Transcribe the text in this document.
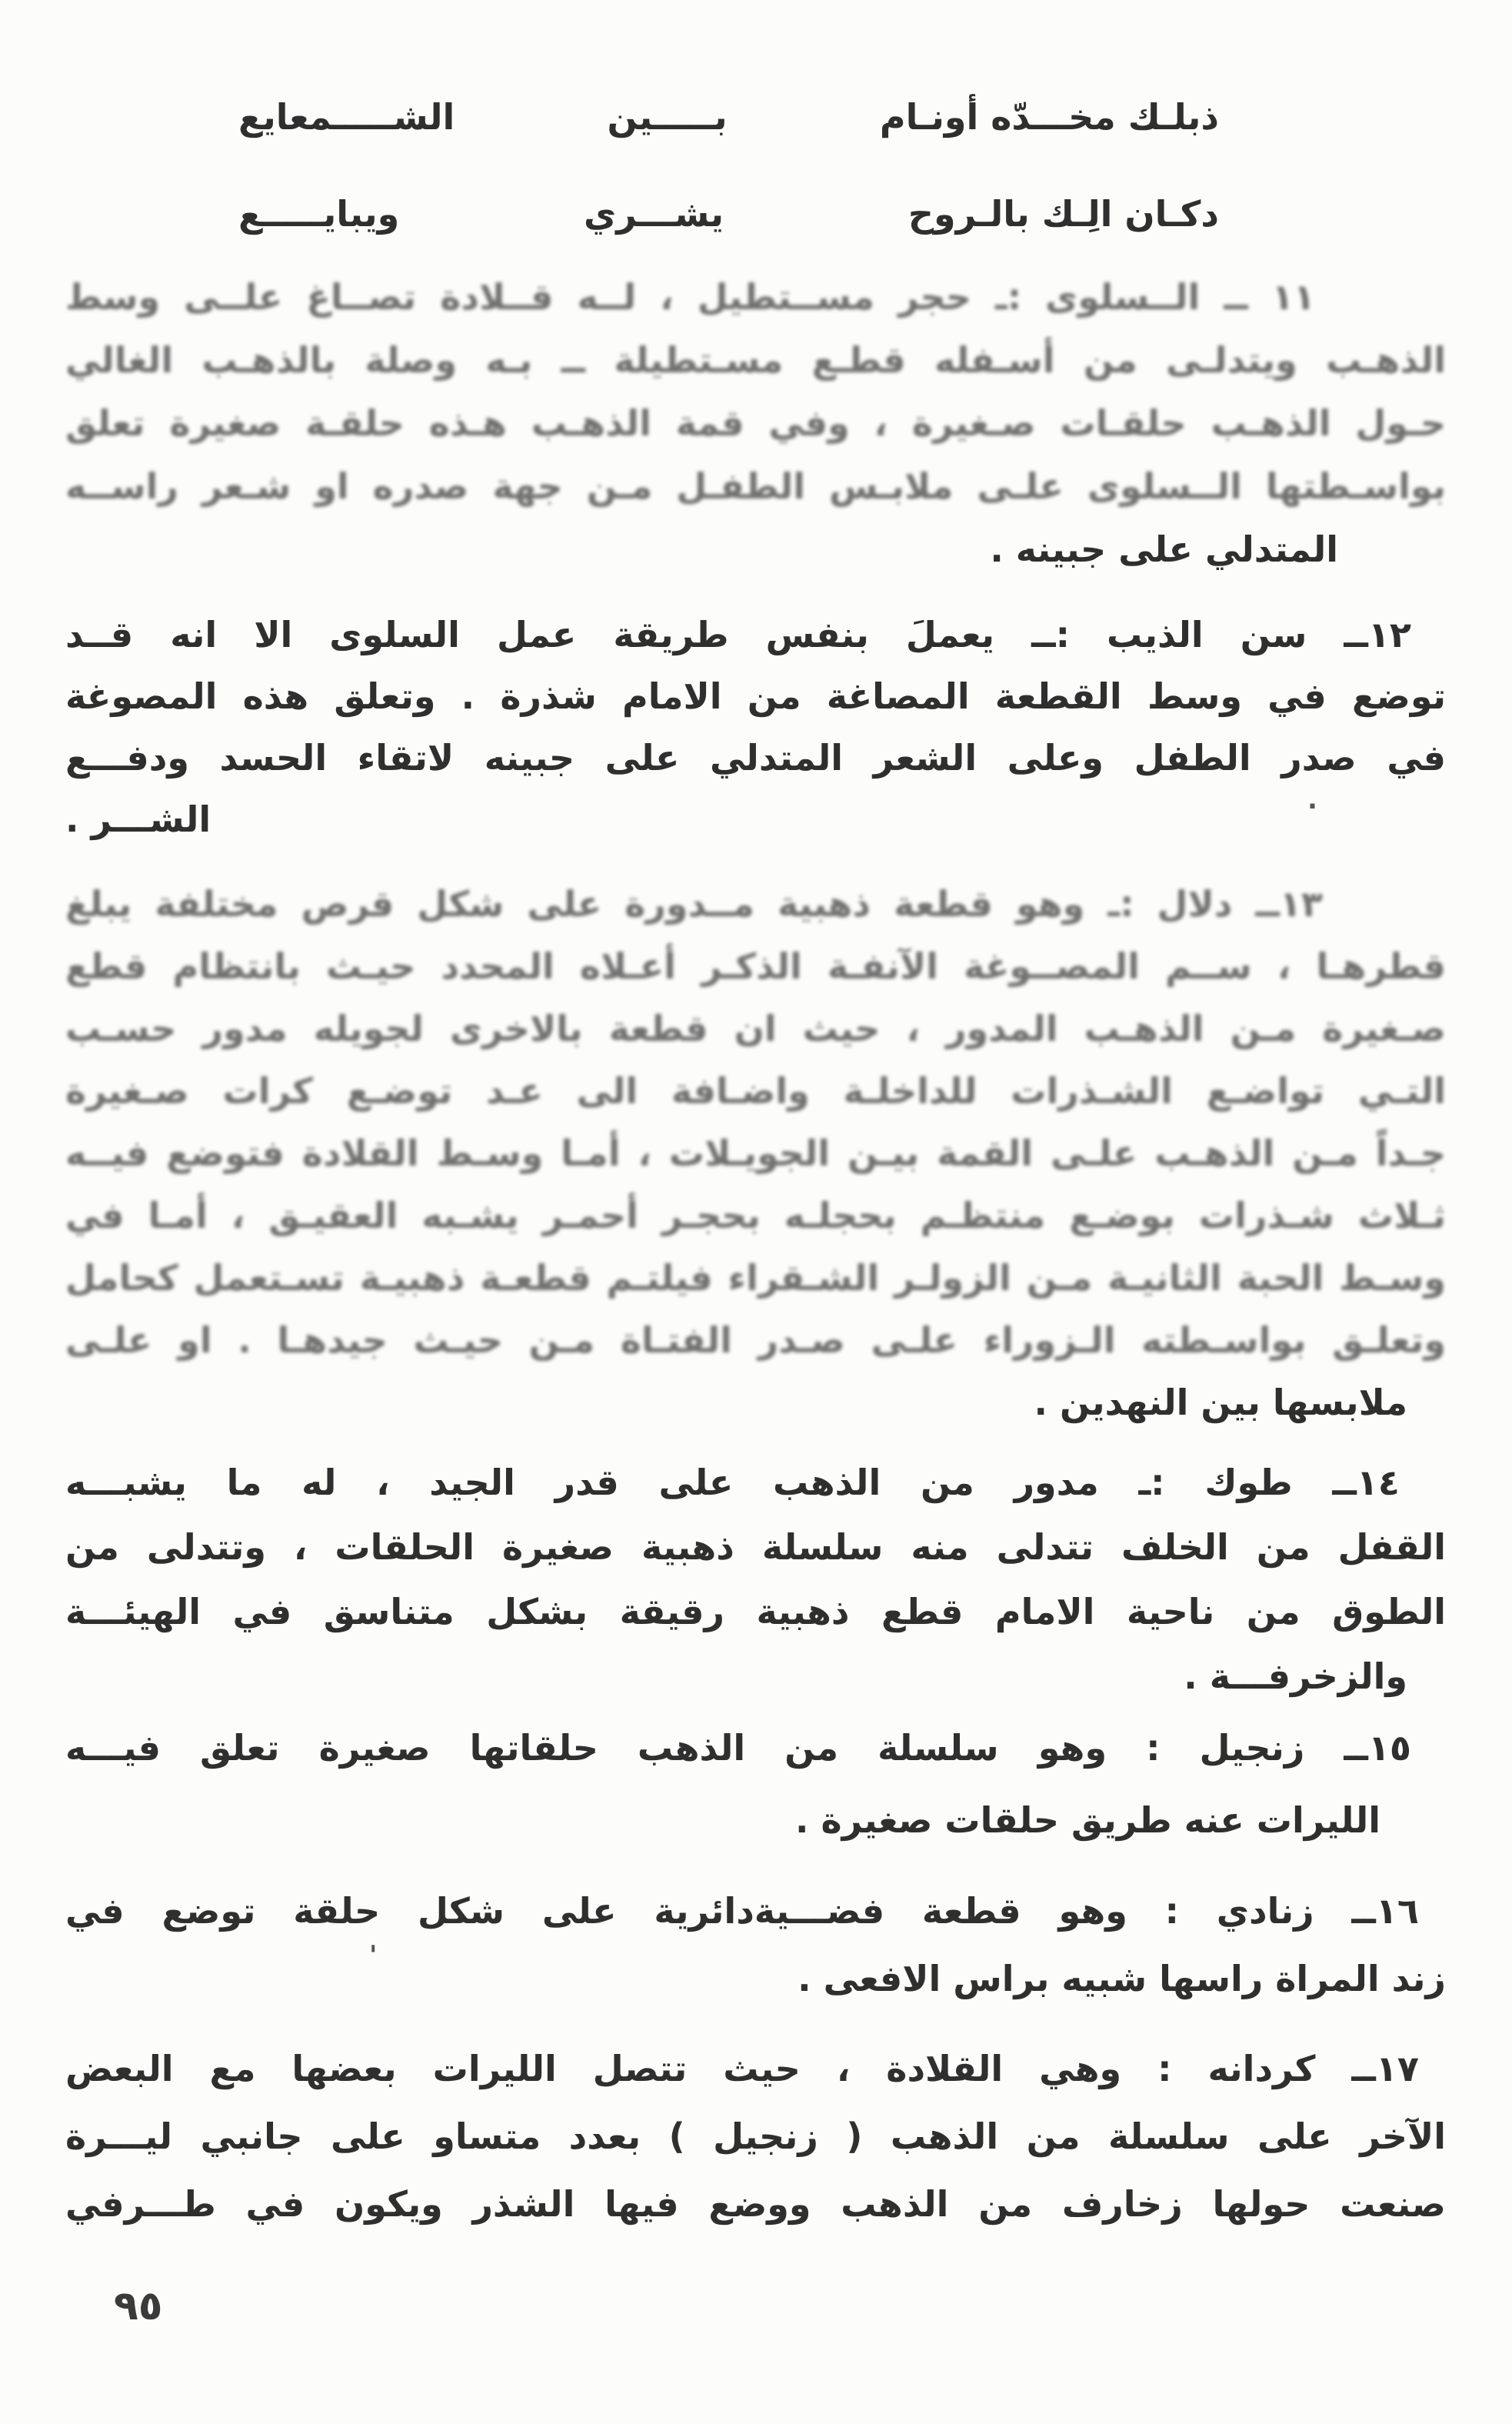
ذبلـك مخـــدّه أونـام
بـــــين
الشـــــمعايع
دكـان الِـك بالـروح
يشـــري
ويبايـــــع
١١ ــ الــسلوى :ـ حجر مســتطيل ، لــه قــلادة تصــاغ علــى وسط
الذهـب ويتدلـى من أسـفله قطـع مسـتطيلة ــ بـه وصلة بالذهـب الغالي
حـول الذهـب حلقـات صـغيرة ، وفي قمة الذهـب هـذه حلقـة صغيرة تعلق
بواسـطتها الــسلوى علـى ملابـس الطفـل مـن جهة صدره او شـعر راســه
المتدلي على جبينه .
١٢ــ سن الذيب :ــ يعملَ بنفس طريقة عمل السلوى الا انه قــد
توضع في وسط القطعة المصاغة من الامام شذرة . وتعلق هذه المصوغة
في صدر الطفل وعلى الشعر المتدلي على جبينه لاتقاء الحسد ودفـــع
الشـــر .
١٣ــ دلال :ـ وهو قطعة ذهبية مــدورة على شكل قرص مختلفة يبلغ
قطرهـا ، ســم المصــوغة الآنفـة الذكـر أعـلاه المحدد حيـث بانتظام قطع
صـغيرة مـن الذهـب المدور ، حيث ان قطعة بالاخرى لجويله مدور حسـب
التـي تواضـع الشـذرات للداخلـة واضـافة الى عـد توضـع كرات صـغيرة
جـداً مـن الذهـب علـى القمة بيـن الجويـلات ، أمـا وسـط القلادة فتوضع فيــه
ثـلاث شـذرات بوضـع منتظـم بحجلـه بحجـر أحمـر يشـبه العقيـق ، أمـا في
وسـط الحبة الثانيـة مـن الزولـر الشـقراء فيلتـم قطعـة ذهبيـة تسـتعمل كحامل
وتعلـق بواسـطته الـزوراء علـى صـدر الفتـاة مـن حيـث جيدهـا . او علـى
ملابسها بين النهدين .
١٤ــ طوك :ـ مدور من الذهب على قدر الجيد ، له ما يشبـــه
القفل من الخلف تتدلى منه سلسلة ذهبية صغيرة الحلقات ، وتتدلى من
الطوق من ناحية الامام قطع ذهبية رقيقة بشكل متناسق في الهيئـــة
والزخرفـــة .
١٥ــ زنجيل : وهو سلسلة من الذهب حلقاتها صغيرة تعلق فيـــه
الليرات عنه طريق حلقات صغيرة .
١٦ــ زنادي : وهو قطعة فضـــيةدائرية على شكل حلقة توضع في
زند المراة راسها شبيه براس الافعى .
١٧ــ كردانه : وهي القلادة ، حيث تتصل الليرات بعضها مع البعض
الآخر على سلسلة من الذهب ( زنجيل ) بعدد متساو على جانبي ليـــرة
صنعت حولها زخارف من الذهب ووضع فيها الشذر ويكون في طـــرفي
'
.
٩٥
